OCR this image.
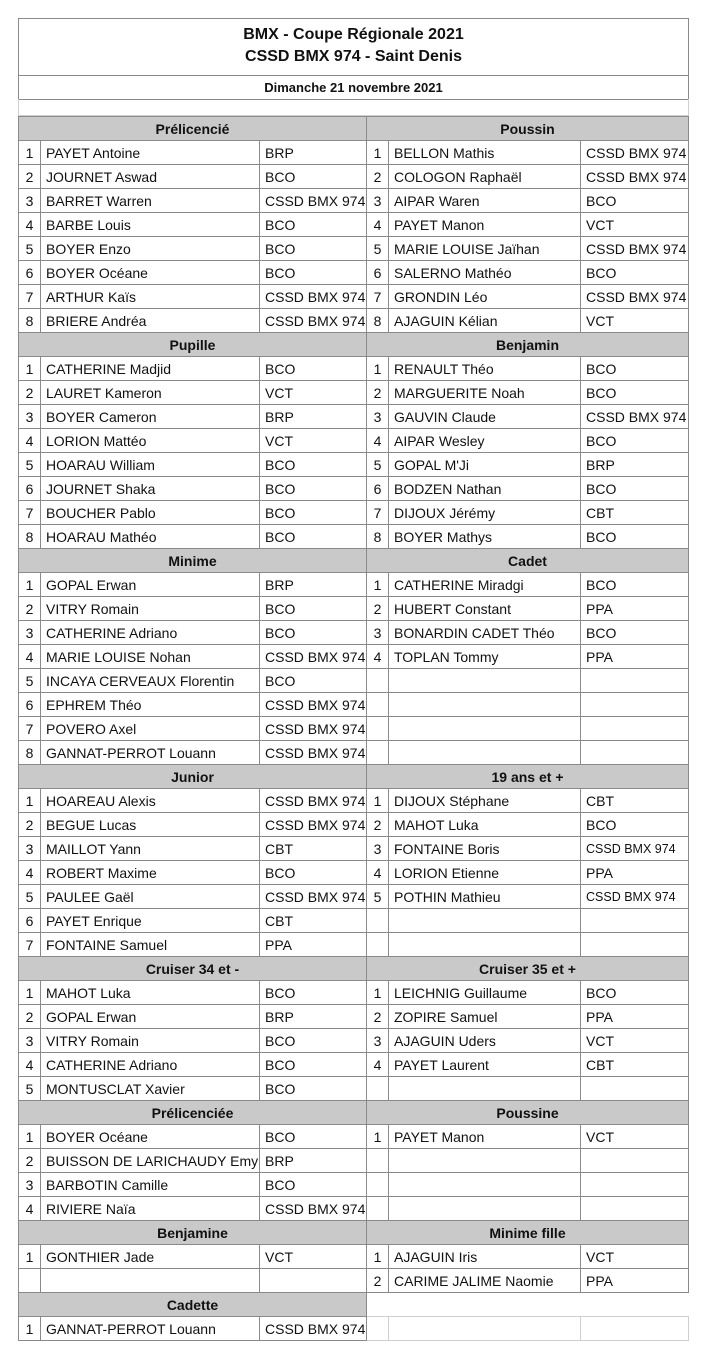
BMX - Coupe Régionale 2021
CSSD BMX 974 - Saint Denis
Dimanche 21 novembre 2021
Prélicencié			Poussin		
1	PAYET Antoine	BRP	1	BELLON Mathis	CSSD BMX 974
2	JOURNET Aswad	BCO	2	COLOGON Raphaël	CSSD BMX 974
3	BARRET Warren	CSSD BMX 974	3	AIPAR Waren	BCO
4	BARBE Louis	BCO	4	PAYET Manon	VCT
5	BOYER Enzo	BCO	5	MARIE LOUISE Jaïhan	CSSD BMX 974
6	BOYER Océane	BCO	6	SALERNO Mathéo	BCO
7	ARTHUR Kaïs	CSSD BMX 974	7	GRONDIN Léo	CSSD BMX 974
8	BRIERE Andréa	CSSD BMX 974	8	AJAGUIN Kélian	VCT
Pupille			Benjamin		
1	CATHERINE Madjid	BCO	1	RENAULT Théo	BCO
2	LAURET Kameron	VCT	2	MARGUERITE Noah	BCO
3	BOYER Cameron	BRP	3	GAUVIN Claude	CSSD BMX 974
4	LORION Mattéo	VCT	4	AIPAR Wesley	BCO
5	HOARAU William	BCO	5	GOPAL M'Ji	BRP
6	JOURNET Shaka	BCO	6	BODZEN Nathan	BCO
7	BOUCHER Pablo	BCO	7	DIJOUX Jérémy	CBT
8	HOARAU Mathéo	BCO	8	BOYER Mathys	BCO
Minime			Cadet		
1	GOPAL Erwan	BRP	1	CATHERINE Miradgi	BCO
2	VITRY Romain	BCO	2	HUBERT Constant	PPA
3	CATHERINE Adriano	BCO	3	BONARDIN CADET Théo	BCO
4	MARIE LOUISE Nohan	CSSD BMX 974	4	TOPLAN Tommy	PPA
5	INCAYA CERVEAUX Florentin	BCO			
6	EPHREM Théo	CSSD BMX 974			
7	POVERO Axel	CSSD BMX 974			
8	GANNAT-PERROT Louann	CSSD BMX 974			
Junior			19 ans et +		
1	HOAREAU Alexis	CSSD BMX 974	1	DIJOUX Stéphane	CBT
2	BEGUE Lucas	CSSD BMX 974	2	MAHOT Luka	BCO
3	MAILLOT Yann	CBT	3	FONTAINE Boris	CSSD BMX 974
4	ROBERT Maxime	BCO	4	LORION Etienne	PPA
5	PAULEE Gaël	CSSD BMX 974	5	POTHIN Mathieu	CSSD BMX 974
6	PAYET Enrique	CBT			
7	FONTAINE Samuel	PPA			
Cruiser 34 et -			Cruiser 35 et +		
1	MAHOT Luka	BCO	1	LEICHNIG Guillaume	BCO
2	GOPAL Erwan	BRP	2	ZOPIRE Samuel	PPA
3	VITRY Romain	BCO	3	AJAGUIN Uders	VCT
4	CATHERINE Adriano	BCO	4	PAYET Laurent	CBT
5	MONTUSCLAT Xavier	BCO			
Prélicenciée			Poussine		
1	BOYER Océane	BCO	1	PAYET Manon	VCT
2	BUISSON DE LARICHAUDY Emy	BRP			
3	BARBOTIN Camille	BCO			
4	RIVIERE Naïa	CSSD BMX 974			
Benjamine			Minime fille		
1	GONTHIER Jade	VCT	1	AJAGUIN Iris	VCT
			2	CARIME JALIME Naomie	PPA
Cadette					
1	GANNAT-PERROT Louann	CSSD BMX 974			
